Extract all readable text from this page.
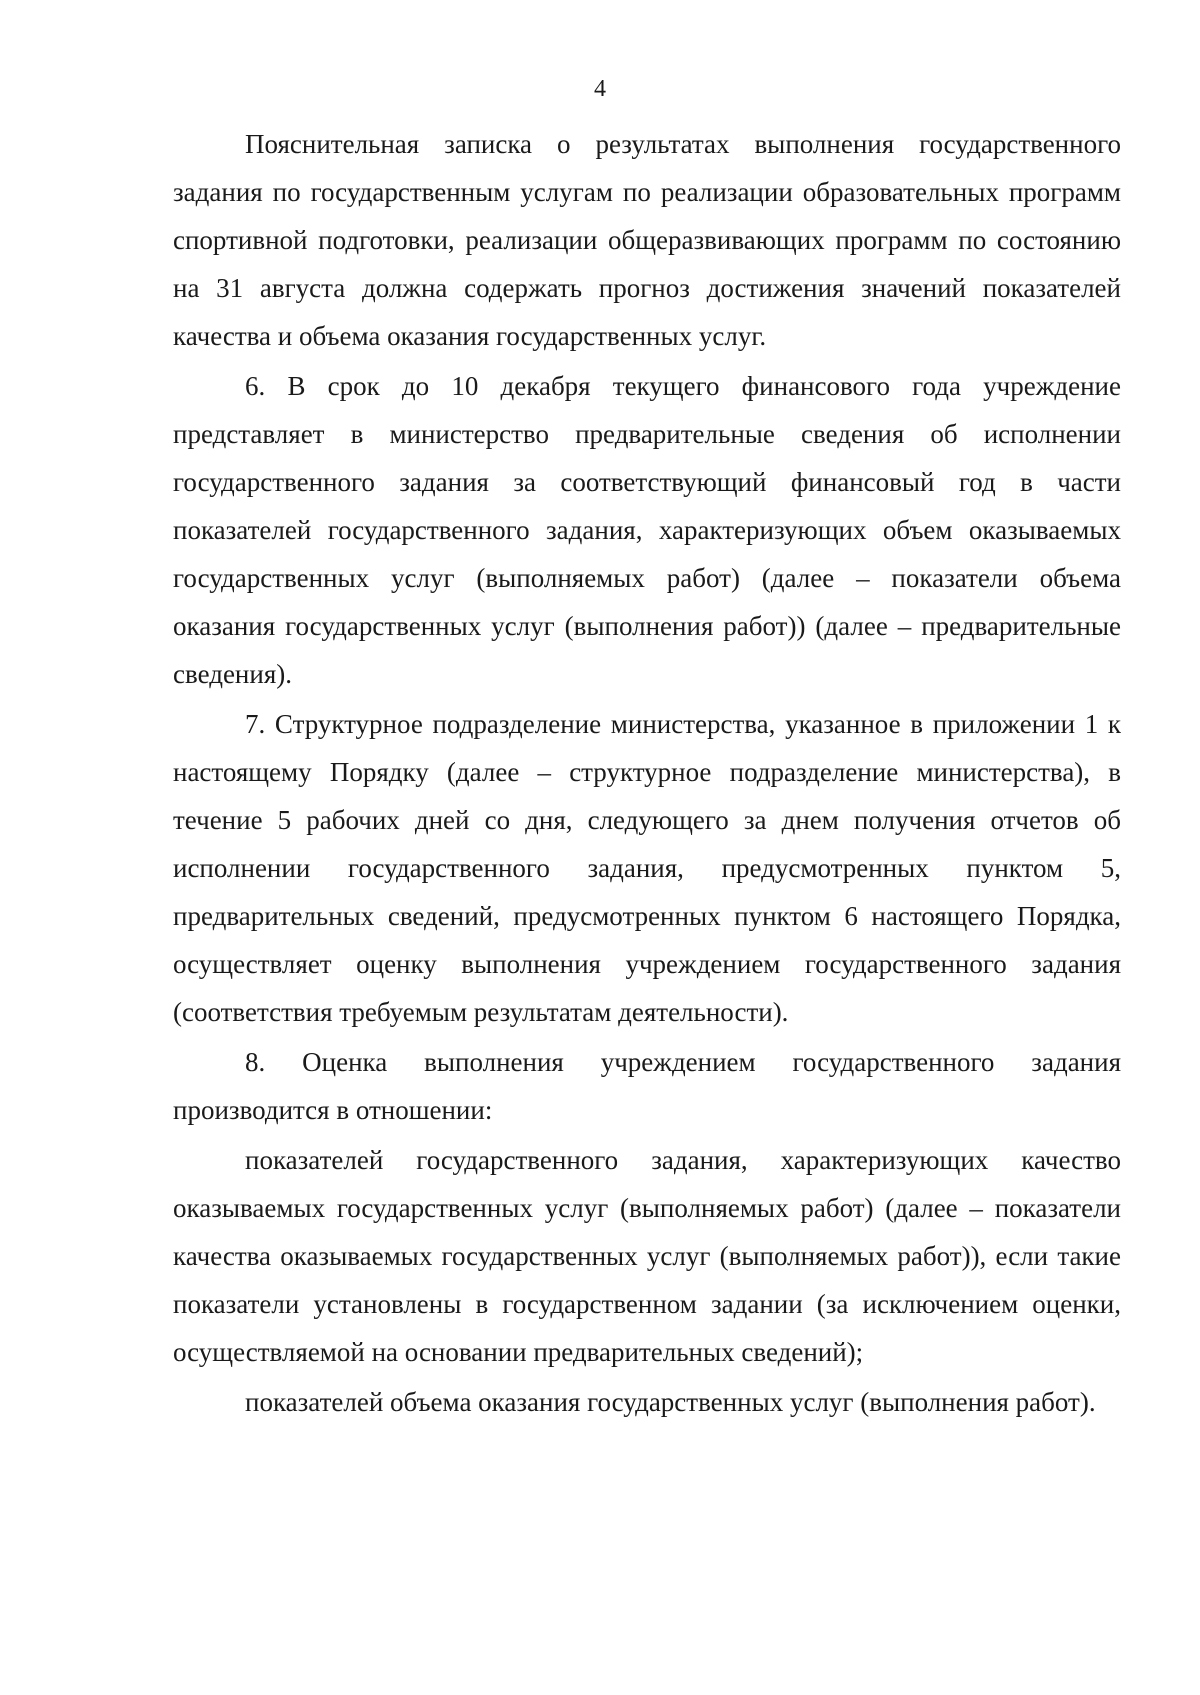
4

Пояснительная записка о результатах выполнения государственного задания по государственным услугам по реализации образовательных программ спортивной подготовки, реализации общеразвивающих программ по состоянию на 31 августа должна содержать прогноз достижения значений показателей качества и объема оказания государственных услуг.

6. В срок до 10 декабря текущего финансового года учреждение представляет в министерство предварительные сведения об исполнении государственного задания за соответствующий финансовый год в части показателей государственного задания, характеризующих объем оказываемых государственных услуг (выполняемых работ) (далее – показатели объема оказания государственных услуг (выполнения работ)) (далее – предварительные сведения).

7. Структурное подразделение министерства, указанное в приложении 1 к настоящему Порядку (далее – структурное подразделение министерства), в течение 5 рабочих дней со дня, следующего за днем получения отчетов об исполнении государственного задания, предусмотренных пунктом 5, предварительных сведений, предусмотренных пунктом 6 настоящего Порядка, осуществляет оценку выполнения учреждением государственного задания (соответствия требуемым результатам деятельности).

8. Оценка выполнения учреждением государственного задания производится в отношении:

показателей государственного задания, характеризующих качество оказываемых государственных услуг (выполняемых работ) (далее – показатели качества оказываемых государственных услуг (выполняемых работ)), если такие показатели установлены в государственном задании (за исключением оценки, осуществляемой на основании предварительных сведений);

показателей объема оказания государственных услуг (выполнения работ).
